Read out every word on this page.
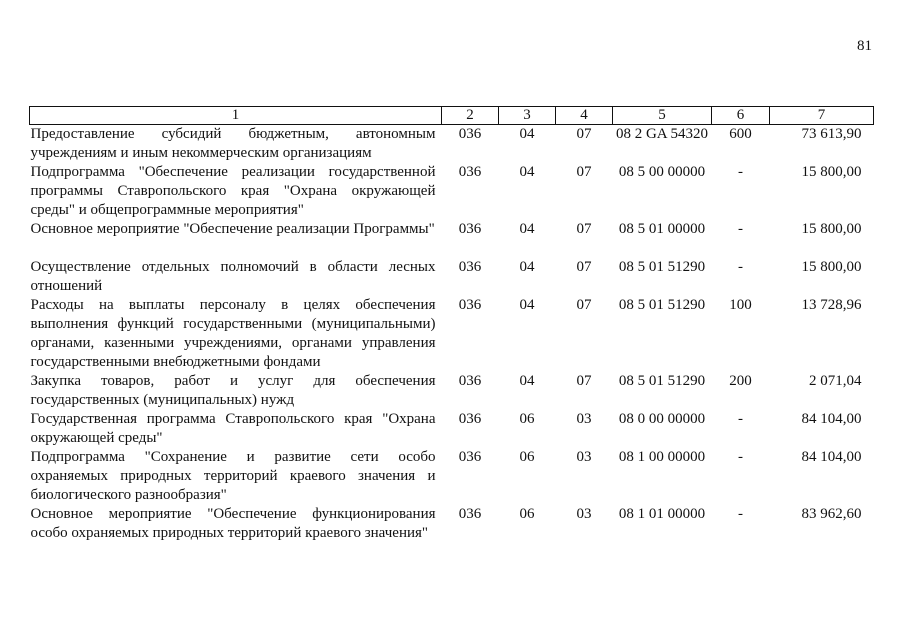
81
1	2	3	4	5	6	7
Предоставление субсидий бюджетным, автономным учреждениям и иным некоммерческим организациям	036	04	07	08 2 GA 54320	600	73 613,90
Подпрограмма "Обеспечение реализации государственной программы Ставропольского края "Охрана окружающей среды" и общепрограммные мероприятия"	036	04	07	08 5 00 00000	-	15 800,00
Основное мероприятие "Обеспечение реализации Программы"	036	04	07	08 5 01 00000	-	15 800,00
Осуществление отдельных полномочий в области лесных отношений	036	04	07	08 5 01 51290	-	15 800,00
Расходы на выплаты персоналу в целях обеспечения выполнения функций государственными (муниципальными) органами, казенными учреждениями, органами управления государственными внебюджетными фондами	036	04	07	08 5 01 51290	100	13 728,96
Закупка товаров, работ и услуг для обеспечения государственных (муниципальных) нужд	036	04	07	08 5 01 51290	200	2 071,04
Государственная программа Ставропольского края "Охрана окружающей среды"	036	06	03	08 0 00 00000	-	84 104,00
Подпрограмма "Сохранение и развитие сети особо охраняемых природных территорий краевого значения и биологического разнообразия"	036	06	03	08 1 00 00000	-	84 104,00
Основное мероприятие "Обеспечение функционирования особо охраняемых природных территорий краевого значения"	036	06	03	08 1 01 00000	-	83 962,60
